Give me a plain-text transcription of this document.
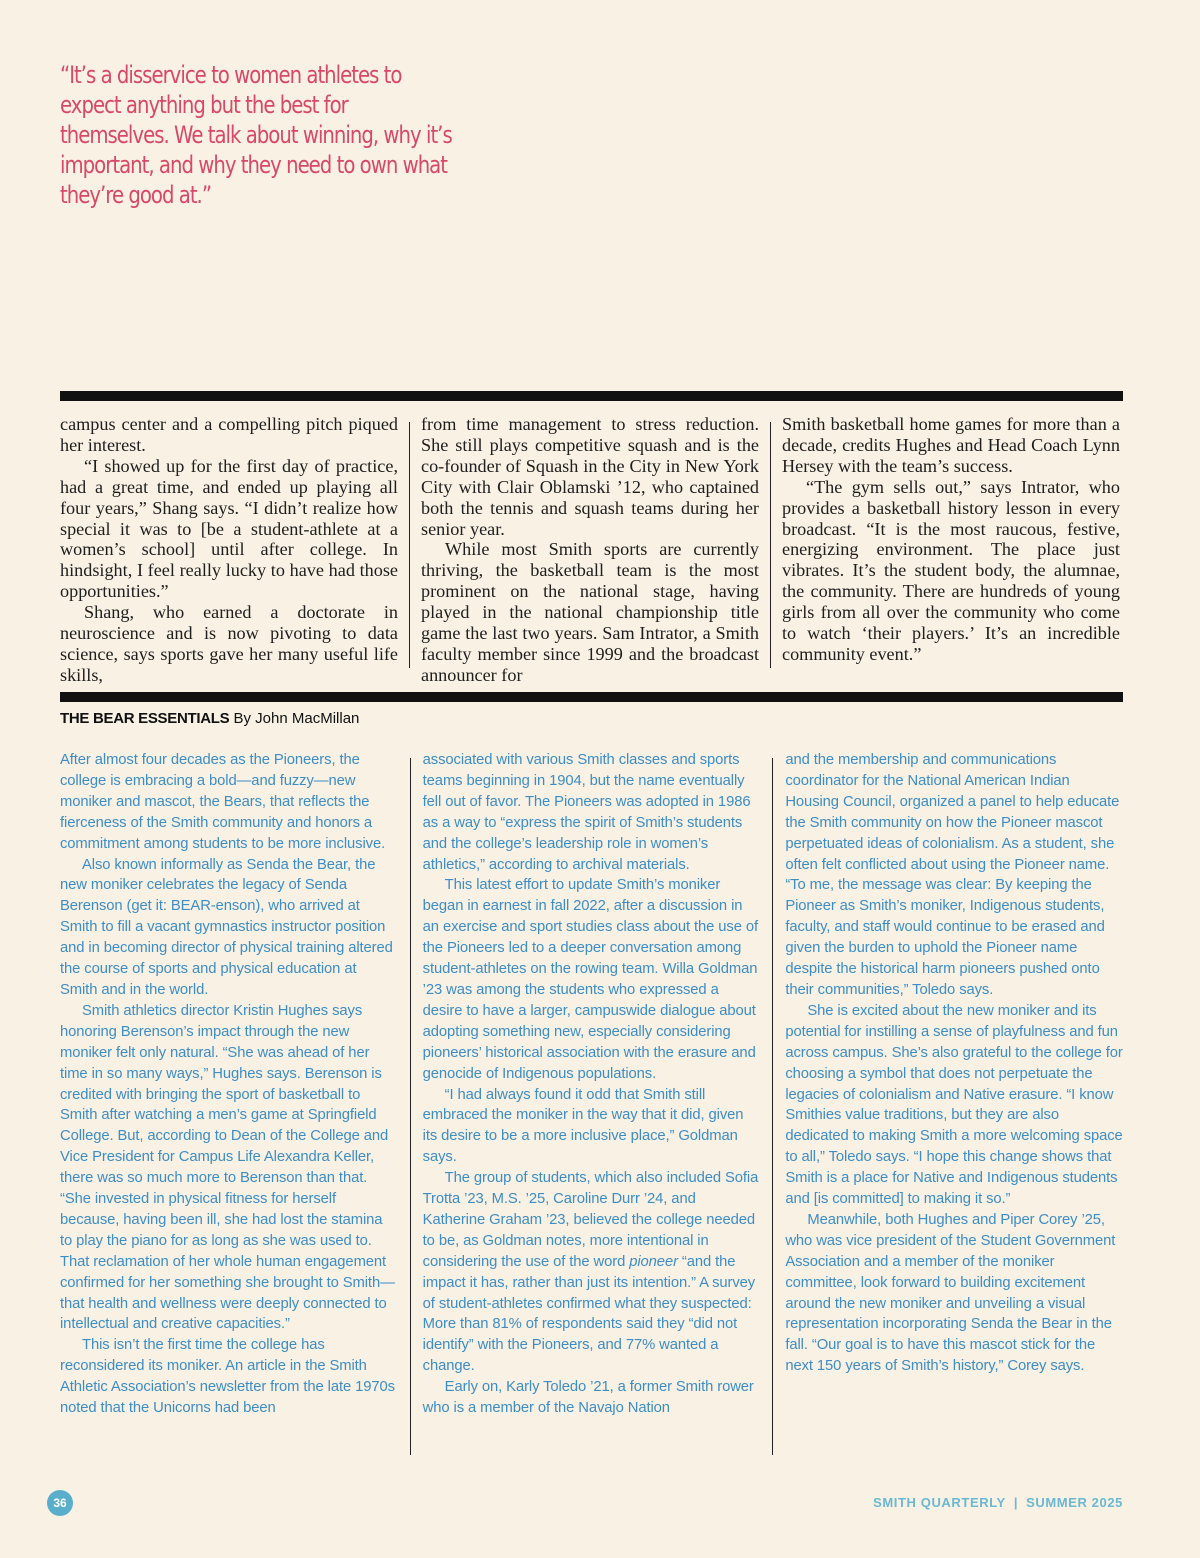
“It’s a disservice to women athletes to expect anything but the best for themselves. We talk about winning, why it’s important, and why they need to own what they’re good at.”

campus center and a compelling pitch piqued her interest.

“I showed up for the first day of practice, had a great time, and ended up playing all four years,” Shang says. “I didn’t realize how special it was to [be a student-athlete at a women’s school] until after college. In hindsight, I feel really lucky to have had those opportunities.”

Shang, who earned a doctorate in neuroscience and is now pivoting to data science, says sports gave her many useful life skills,

from time management to stress reduction. She still plays competitive squash and is the co-founder of Squash in the City in New York City with Clair Oblamski ’12, who captained both the tennis and squash teams during her senior year.

While most Smith sports are currently thriving, the basketball team is the most prominent on the national stage, having played in the national championship title game the last two years. Sam Intrator, a Smith faculty member since 1999 and the broadcast announcer for

Smith basketball home games for more than a decade, credits Hughes and Head Coach Lynn Hersey with the team’s success.

“The gym sells out,” says Intrator, who provides a basketball history lesson in every broadcast. “It is the most raucous, festive, energizing environment. The place just vibrates. It’s the student body, the alumnae, the community. There are hundreds of young girls from all over the community who come to watch ‘their players.’ It’s an incredible community event.”

THE BEAR ESSENTIALS By John MacMillan

After almost four decades as the Pioneers, the college is embracing a bold—and fuzzy—new moniker and mascot, the Bears, that reflects the fierceness of the Smith community and honors a commitment among students to be more inclusive.

Also known informally as Senda the Bear, the new moniker celebrates the legacy of Senda Berenson (get it: BEAR-enson), who arrived at Smith to fill a vacant gymnastics instructor position and in becoming director of physical training altered the course of sports and physical education at Smith and in the world.

Smith athletics director Kristin Hughes says honoring Berenson’s impact through the new moniker felt only natural. “She was ahead of her time in so many ways,” Hughes says. Berenson is credited with bringing the sport of basketball to Smith after watching a men’s game at Springfield College. But, according to Dean of the College and Vice President for Campus Life Alexandra Keller, there was so much more to Berenson than that. “She invested in physical fitness for herself because, having been ill, she had lost the stamina to play the piano for as long as she was used to. That reclamation of her whole human engagement confirmed for her something she brought to Smith—that health and wellness were deeply connected to intellectual and creative capacities.”

This isn’t the first time the college has reconsidered its moniker. An article in the Smith Athletic Association’s newsletter from the late 1970s noted that the Unicorns had been

associated with various Smith classes and sports teams beginning in 1904, but the name eventually fell out of favor. The Pioneers was adopted in 1986 as a way to “express the spirit of Smith’s students and the college’s leadership role in women’s athletics,” according to archival materials.

This latest effort to update Smith’s moniker began in earnest in fall 2022, after a discussion in an exercise and sport studies class about the use of the Pioneers led to a deeper conversation among student-athletes on the rowing team. Willa Goldman ’23 was among the students who expressed a desire to have a larger, campuswide dialogue about adopting something new, especially considering pioneers’ historical association with the erasure and genocide of Indigenous populations.

“I had always found it odd that Smith still embraced the moniker in the way that it did, given its desire to be a more inclusive place,” Goldman says.

The group of students, which also included Sofia Trotta ’23, M.S. ’25, Caroline Durr ’24, and Katherine Graham ’23, believed the college needed to be, as Goldman notes, more intentional in considering the use of the word pioneer “and the impact it has, rather than just its intention.” A survey of student-athletes confirmed what they suspected: More than 81% of respondents said they “did not identify” with the Pioneers, and 77% wanted a change.

Early on, Karly Toledo ’21, a former Smith rower who is a member of the Navajo Nation

and the membership and communications coordinator for the National American Indian Housing Council, organized a panel to help educate the Smith community on how the Pioneer mascot perpetuated ideas of colonialism. As a student, she often felt conflicted about using the Pioneer name. “To me, the message was clear: By keeping the Pioneer as Smith’s moniker, Indigenous students, faculty, and staff would continue to be erased and given the burden to uphold the Pioneer name despite the historical harm pioneers pushed onto their communities,” Toledo says.

She is excited about the new moniker and its potential for instilling a sense of playfulness and fun across campus. She’s also grateful to the college for choosing a symbol that does not perpetuate the legacies of colonialism and Native erasure. “I know Smithies value traditions, but they are also dedicated to making Smith a more welcoming space to all,” Toledo says. “I hope this change shows that Smith is a place for Native and Indigenous students and [is committed] to making it so.”

Meanwhile, both Hughes and Piper Corey ’25, who was vice president of the Student Government Association and a member of the moniker committee, look forward to building excitement around the new moniker and unveiling a visual representation incorporating Senda the Bear in the fall. “Our goal is to have this mascot stick for the next 150 years of Smith’s history,” Corey says.

36	SMITH QUARTERLY | SUMMER 2025
